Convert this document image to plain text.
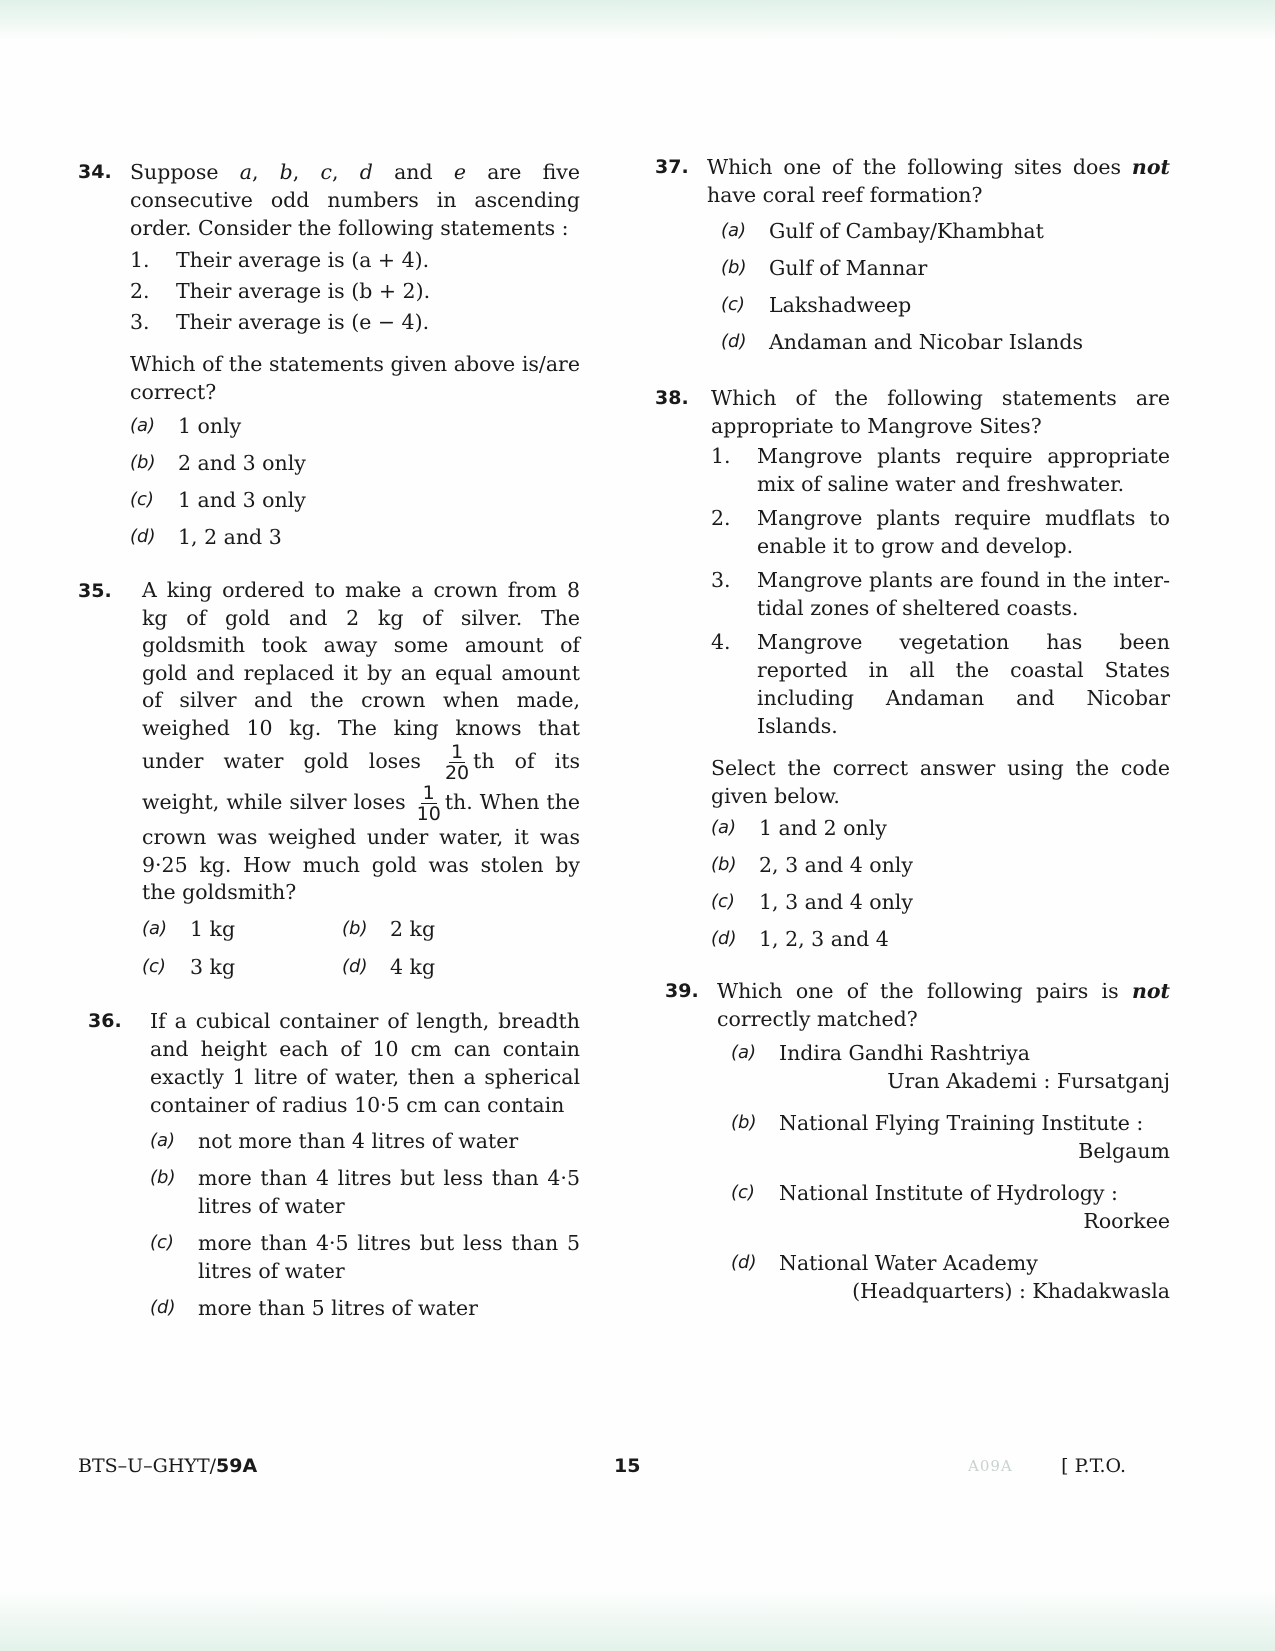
34. Suppose a, b, c, d and e are five consecutive odd numbers in ascending order. Consider the following statements :
1.	Their average is (a + 4).
2.	Their average is (b + 2).
3.	Their average is (e − 4).
Which of the statements given above is/are correct?
(a)	1 only
(b)	2 and 3 only
(c)	1 and 3 only
(d)	1, 2 and 3
35. A king ordered to make a crown from 8 kg of gold and 2 kg of silver. The goldsmith took away some amount of gold and replaced it by an equal amount of silver and the crown when made, weighed 10 kg. The king knows that under water gold loses $\frac{1}{20}$ th of its weight, while silver loses $\frac{1}{10}$ th. When the crown was weighed under water, it was 9·25 kg. How much gold was stolen by the goldsmith?
(a)	1 kg	(b)	2 kg
(c)	3 kg	(d)	4 kg
36. If a cubical container of length, breadth and height each of 10 cm can contain exactly 1 litre of water, then a spherical container of radius 10·5 cm can contain
(a)	not more than 4 litres of water
(b)	more than 4 litres but less than 4·5 litres of water
(c)	more than 4·5 litres but less than 5 litres of water
(d)	more than 5 litres of water
37. Which one of the following sites does not have coral reef formation?
(a)	Gulf of Cambay/Khambhat
(b)	Gulf of Mannar
(c)	Lakshadweep
(d)	Andaman and Nicobar Islands
38. Which of the following statements are appropriate to Mangrove Sites?
1.	Mangrove plants require appropriate mix of saline water and freshwater.
2.	Mangrove plants require mudflats to enable it to grow and develop.
3.	Mangrove plants are found in the inter-tidal zones of sheltered coasts.
4.	Mangrove vegetation has been reported in all the coastal States including Andaman and Nicobar Islands.
Select the correct answer using the code given below.
(a)	1 and 2 only
(b)	2, 3 and 4 only
(c)	1, 3 and 4 only
(d)	1, 2, 3 and 4
39. Which one of the following pairs is not correctly matched?
(a)	Indira Gandhi Rashtriya
Uran Akademi : Fursatganj
(b)	National Flying Training Institute :
Belgaum
(c)	National Institute of Hydrology :
Roorkee
(d)	National Water Academy
(Headquarters) : Khadakwasla
BTS–U–GHYT/59A	15	A09A	[ P.T.O.
